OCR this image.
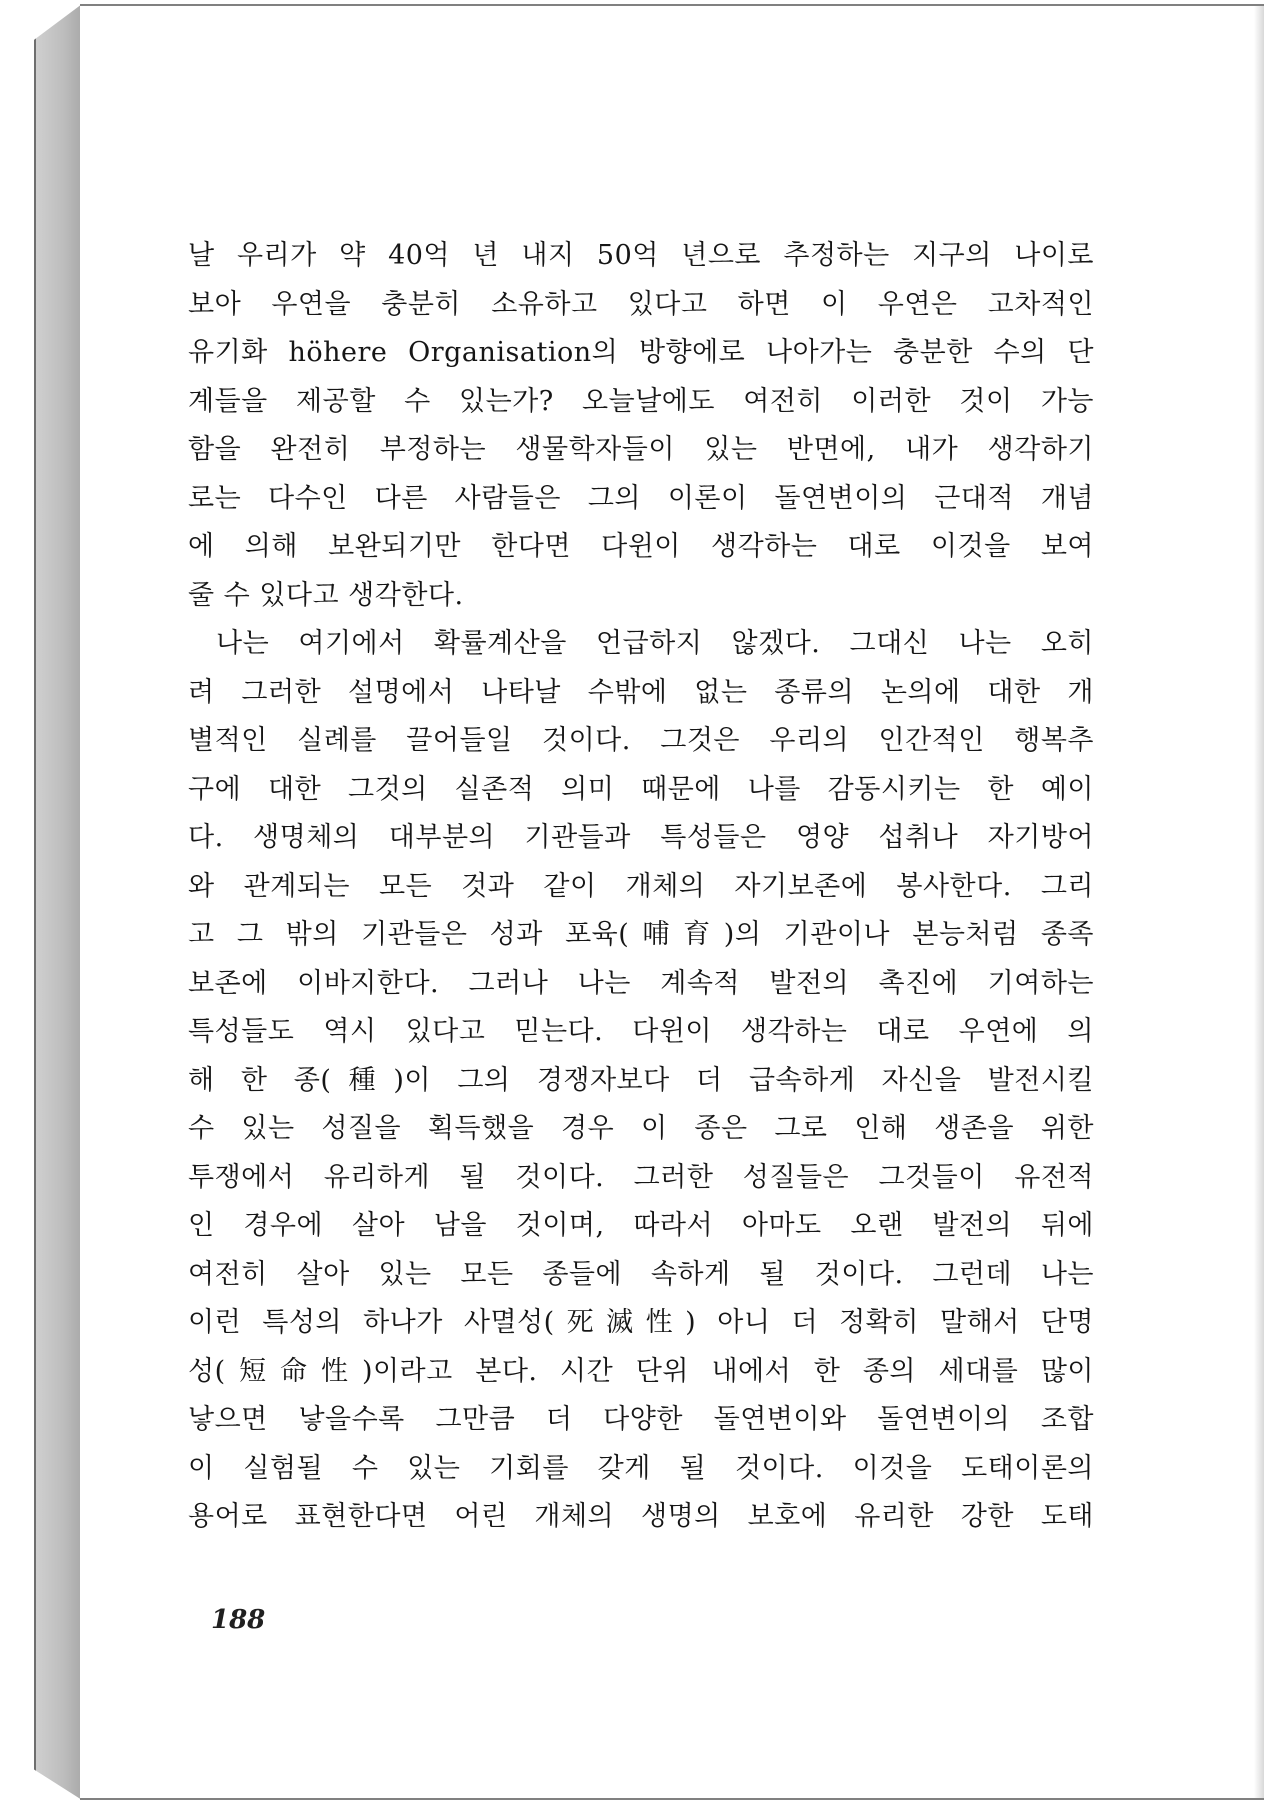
날 우리가 약 40억 년 내지 50억 년으로 추정하는 지구의 나이로
보아 우연을 충분히 소유하고 있다고 하면 이 우연은 고차적인
유기화 höhere Organisation의 방향에로 나아가는 충분한 수의 단
계들을 제공할 수 있는가? 오늘날에도 여전히 이러한 것이 가능
함을 완전히 부정하는 생물학자들이 있는 반면에, 내가 생각하기
로는 다수인 다른 사람들은 그의 이론이 돌연변이의 근대적 개념
에 의해 보완되기만 한다면 다윈이 생각하는 대로 이것을 보여
줄 수 있다고 생각한다.
나는 여기에서 확률계산을 언급하지 않겠다. 그대신 나는 오히
려 그러한 설명에서 나타날 수밖에 없는 종류의 논의에 대한 개
별적인 실례를 끌어들일 것이다. 그것은 우리의 인간적인 행복추
구에 대한 그것의 실존적 의미 때문에 나를 감동시키는 한 예이
다. 생명체의 대부분의 기관들과 특성들은 영양 섭취나 자기방어
와 관계되는 모든 것과 같이 개체의 자기보존에 봉사한다. 그리
고 그 밖의 기관들은 성과 포육(哺育)의 기관이나 본능처럼 종족
보존에 이바지한다. 그러나 나는 계속적 발전의 촉진에 기여하는
특성들도 역시 있다고 믿는다. 다윈이 생각하는 대로 우연에 의
해 한 종(種)이 그의 경쟁자보다 더 급속하게 자신을 발전시킬
수 있는 성질을 획득했을 경우 이 종은 그로 인해 생존을 위한
투쟁에서 유리하게 될 것이다. 그러한 성질들은 그것들이 유전적
인 경우에 살아 남을 것이며, 따라서 아마도 오랜 발전의 뒤에
여전히 살아 있는 모든 종들에 속하게 될 것이다. 그런데 나는
이런 특성의 하나가 사멸성(死滅性) 아니 더 정확히 말해서 단명
성(短命性)이라고 본다. 시간 단위 내에서 한 종의 세대를 많이
낳으면 낳을수록 그만큼 더 다양한 돌연변이와 돌연변이의 조합
이 실험될 수 있는 기회를 갖게 될 것이다. 이것을 도태이론의
용어로 표현한다면 어린 개체의 생명의 보호에 유리한 강한 도태
188
